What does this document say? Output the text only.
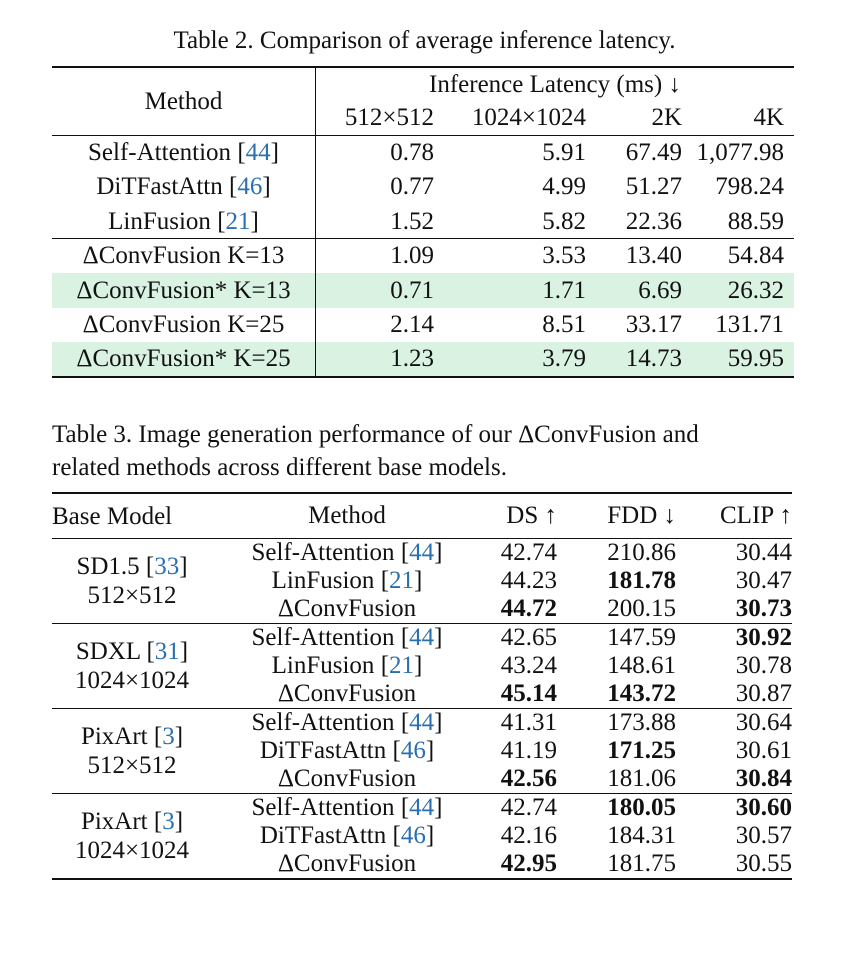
Table 2. Comparison of average inference latency.
Method	Inference Latency (ms) ↓			
	512×512	1024×1024	2K	4K
Self-Attention [44]	0.78	5.91	67.49	1,077.98
DiTFastAttn [46]	0.77	4.99	51.27	798.24
LinFusion [21]	1.52	5.82	22.36	88.59
ΔConvFusion K=13	1.09	3.53	13.40	54.84
ΔConvFusion* K=13	0.71	1.71	6.69	26.32
ΔConvFusion K=25	2.14	8.51	33.17	131.71
ΔConvFusion* K=25	1.23	3.79	14.73	59.95
Table 3. Image generation performance of our ΔConvFusion and
related methods across different base models.
Base Model	Method	DS ↑	FDD ↓	CLIP ↑
SD1.5 [33]
512×512	Self-Attention [44]	42.74	210.86	30.44
	LinFusion [21]	44.23	181.78	30.47
	ΔConvFusion	44.72	200.15	30.73
SDXL [31]
1024×1024	Self-Attention [44]	42.65	147.59	30.92
	LinFusion [21]	43.24	148.61	30.78
	ΔConvFusion	45.14	143.72	30.87
PixArt [3]
512×512	Self-Attention [44]	41.31	173.88	30.64
	DiTFastAttn [46]	41.19	171.25	30.61
	ΔConvFusion	42.56	181.06	30.84
PixArt [3]
1024×1024	Self-Attention [44]	42.74	180.05	30.60
	DiTFastAttn [46]	42.16	184.31	30.57
	ΔConvFusion	42.95	181.75	30.55
